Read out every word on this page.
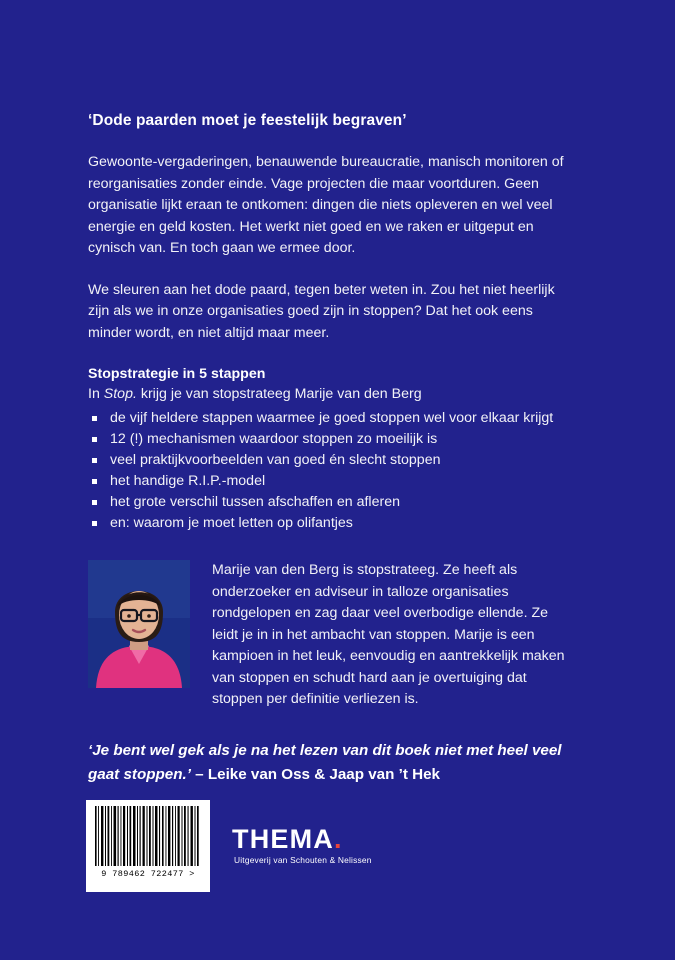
‘Dode paarden moet je feestelijk begraven’

Gewoonte-vergaderingen, benauwende bureaucratie, manisch monitoren of reorganisaties zonder einde. Vage projecten die maar voortduren. Geen organisatie lijkt eraan te ontkomen: dingen die niets opleveren en wel veel energie en geld kosten. Het werkt niet goed en we raken er uitgeput en cynisch van. En toch gaan we ermee door.

We sleuren aan het dode paard, tegen beter weten in. Zou het niet heerlijk zijn als we in onze organisaties goed zijn in stoppen? Dat het ook eens minder wordt, en niet altijd maar meer.

Stopstrategie in 5 stappen

In Stop. krijg je van stopstrateeg Marije van den Berg

de vijf heldere stappen waarmee je goed stoppen wel voor elkaar krijgt
12 (!) mechanismen waardoor stoppen zo moeilijk is
veel praktijkvoorbeelden van goed én slecht stoppen
het handige R.I.P.-model
het grote verschil tussen afschaffen en afleren
en: waarom je moet letten op olifantjes

Marije van den Berg is stopstrateeg. Ze heeft als onderzoeker en adviseur in talloze organisaties rondgelopen en zag daar veel overbodige ellende. Ze leidt je in in het ambacht van stoppen. Marije is een kampioen in het leuk, eenvoudig en aantrekkelijk maken van stoppen en schudt hard aan je overtuiging dat stoppen per definitie verliezen is.

‘Je bent wel gek als je na het lezen van dit boek niet met heel veel gaat stoppen.’ – Leike van Oss & Jaap van ’t Hek

9 789462 722477 >
THEMA.
Uitgeverij van Schouten & Nelissen
